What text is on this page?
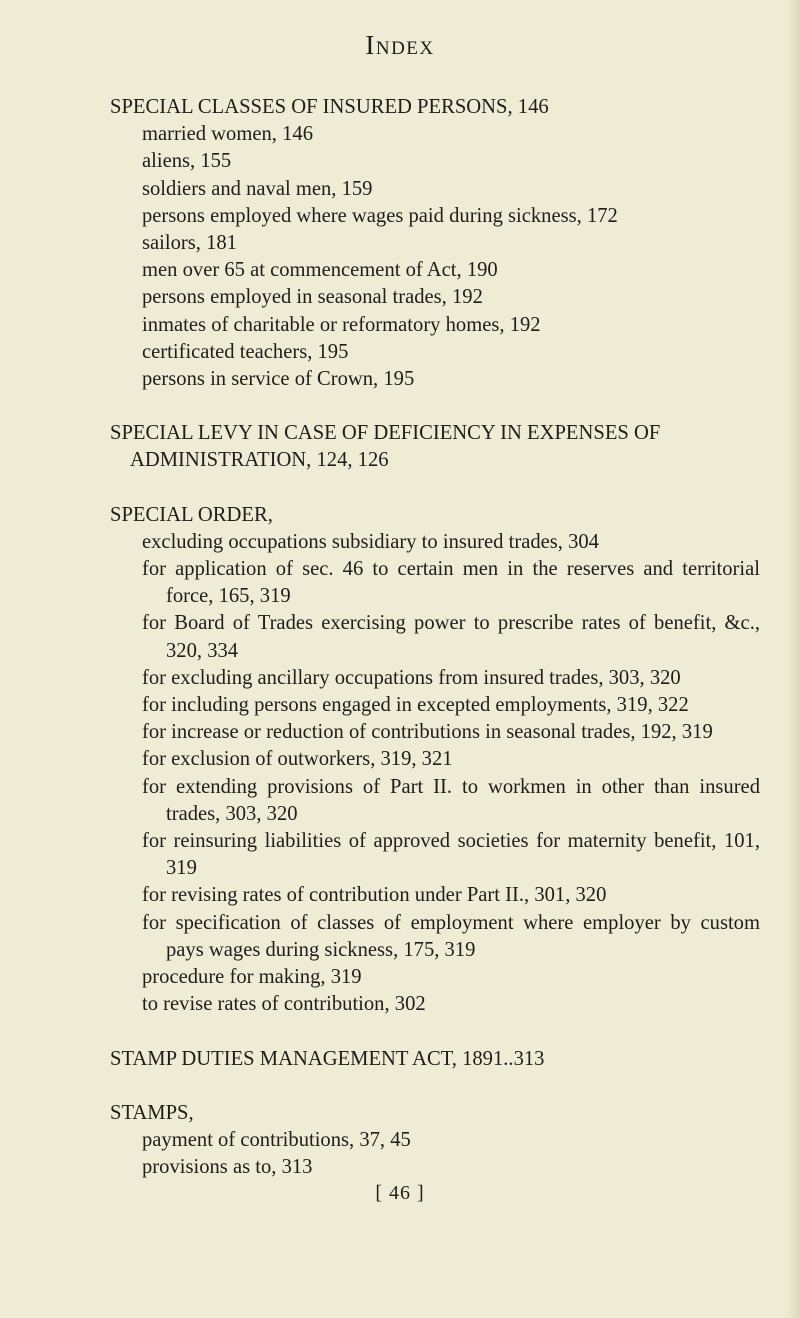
Index

SPECIAL CLASSES OF INSURED PERSONS, 146

married women, 146

aliens, 155

soldiers and naval men, 159

persons employed where wages paid during sickness, 172

sailors, 181

men over 65 at commencement of Act, 190

persons employed in seasonal trades, 192

inmates of charitable or reformatory homes, 192

certificated teachers, 195

persons in service of Crown, 195

SPECIAL LEVY IN CASE OF DEFICIENCY IN EXPENSES OF ADMINISTRATION, 124, 126

SPECIAL ORDER,

excluding occupations subsidiary to insured trades, 304

for application of sec. 46 to certain men in the reserves and territorial force, 165, 319

for Board of Trades exercising power to prescribe rates of benefit, &c., 320, 334

for excluding ancillary occupations from insured trades, 303, 320

for including persons engaged in excepted employments, 319, 322

for increase or reduction of contributions in seasonal trades, 192, 319

for exclusion of outworkers, 319, 321

for extending provisions of Part II. to workmen in other than insured trades, 303, 320

for reinsuring liabilities of approved societies for maternity benefit, 101, 319

for revising rates of contribution under Part II., 301, 320

for specification of classes of employment where employer by custom pays wages during sickness, 175, 319

procedure for making, 319

to revise rates of contribution, 302

STAMP DUTIES MANAGEMENT ACT, 1891..313

STAMPS,

payment of contributions, 37, 45

provisions as to, 313

[ 46 ]
